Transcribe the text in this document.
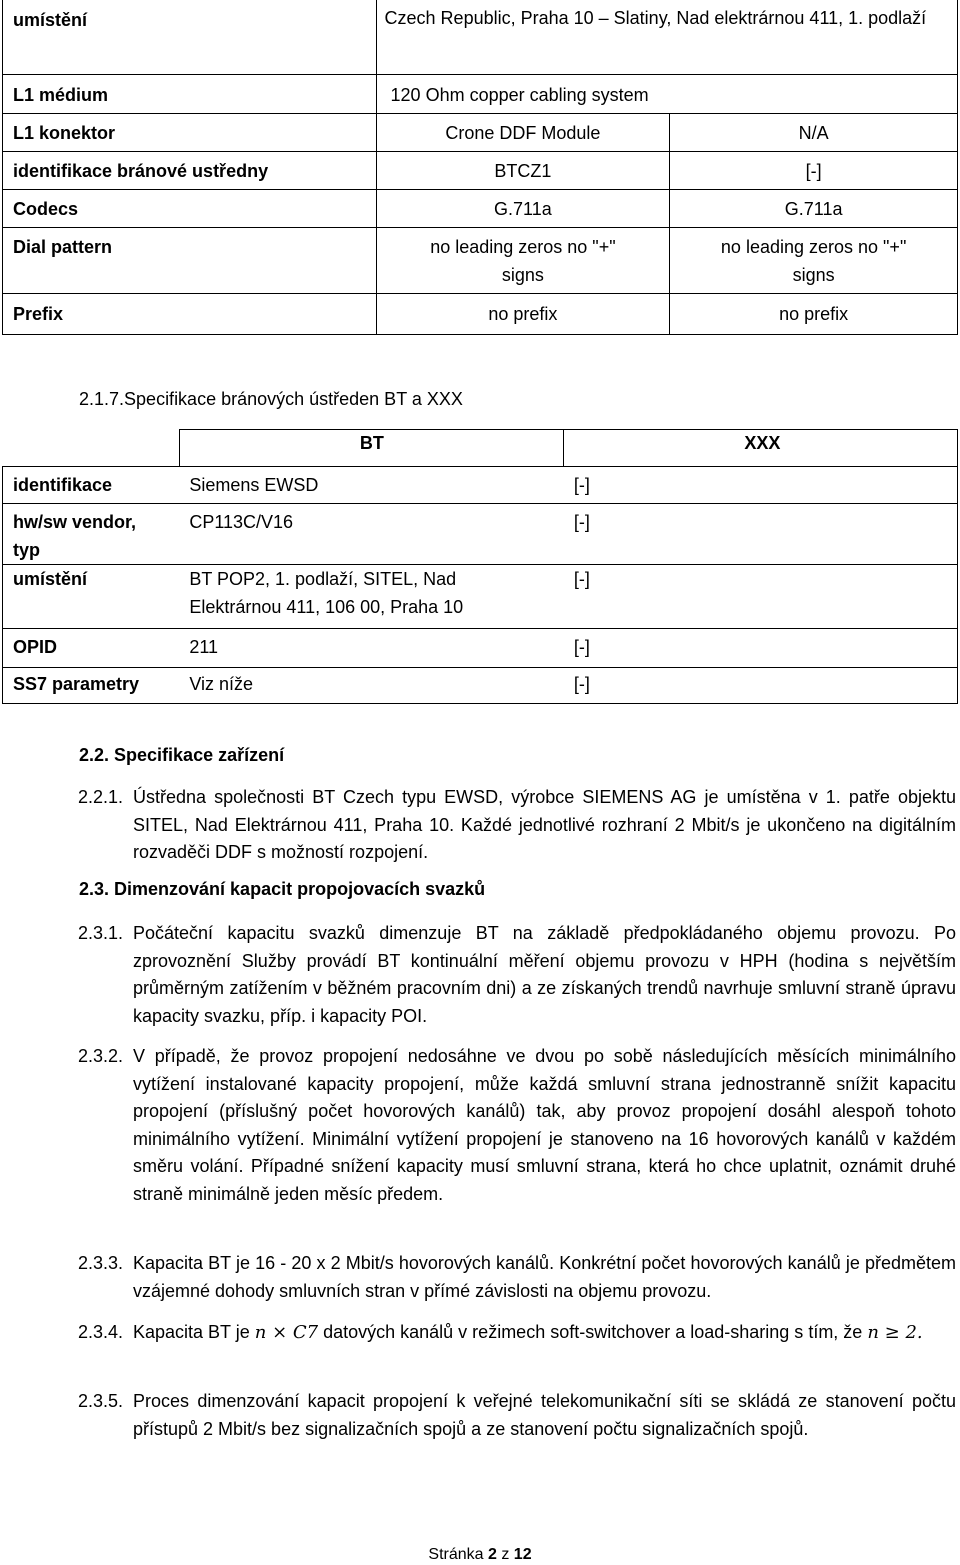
umístění	Czech Republic, Praha 10 – Slatiny, Nad elektrárnou 411, 1. podlaží	
L1 médium	120 Ohm copper cabling system	
L1 konektor	Crone DDF Module	N/A
identifikace bránové ustředny	BTCZ1	[-]
Codecs	G.711a	G.711a
Dial pattern	no leading zeros no "+" signs	no leading zeros no "+" signs
Prefix	no prefix	no prefix
2.1.7.Specifikace bránových ústředen BT a XXX
	BT	XXX
identifikace	Siemens EWSD	[-]
hw/sw vendor, typ	CP113C/V16	[-]
umístění	BT POP2, 1. podlaží, SITEL, Nad Elektrárnou 411, 106 00, Praha 10	[-]
OPID	211	[-]
SS7 parametry	Viz níže	[-]
2.2. Specifikace zařízení
2.2.1. Ústředna společnosti BT Czech typu EWSD, výrobce SIEMENS AG je umístěna v 1. patře objektu SITEL, Nad Elektrárnou 411, Praha 10. Každé jednotlivé rozhraní 2 Mbit/s je ukončeno na digitálním rozvaděči DDF s možností rozpojení.
2.3. Dimenzování kapacit propojovacích svazků
2.3.1. Počáteční kapacitu svazků dimenzuje BT na základě předpokládaného objemu provozu. Po zprovoznění Služby provádí BT kontinuální měření objemu provozu v HPH (hodina s největším průměrným zatížením v běžném pracovním dni) a ze získaných trendů navrhuje smluvní straně úpravu kapacity svazku, příp. i kapacity POI.
2.3.2. V případě, že provoz propojení nedosáhne ve dvou po sobě následujících měsících minimálního vytížení instalované kapacity propojení, může každá smluvní strana jednostranně snížit kapacitu propojení (příslušný počet hovorových kanálů) tak, aby provoz propojení dosáhl alespoň tohoto minimálního vytížení. Minimální vytížení propojení je stanoveno na 16 hovorových kanálů v každém směru volání. Případné snížení kapacity musí smluvní strana, která ho chce uplatnit, oznámit druhé straně minimálně jeden měsíc předem.
2.3.3. Kapacita BT je 16 - 20 x 2 Mbit/s hovorových kanálů. Konkrétní počet hovorových kanálů je předmětem vzájemné dohody smluvních stran v přímé závislosti na objemu provozu.
2.3.4. Kapacita BT je n × C7 datových kanálů v režimech soft-switchover a load-sharing s tím, že n ≥ 2.
2.3.5. Proces dimenzování kapacit propojení k veřejné telekomunikační síti se skládá ze stanovení počtu přístupů 2 Mbit/s bez signalizačních spojů a ze stanovení počtu signalizačních spojů.
Stránka 2 z 12
